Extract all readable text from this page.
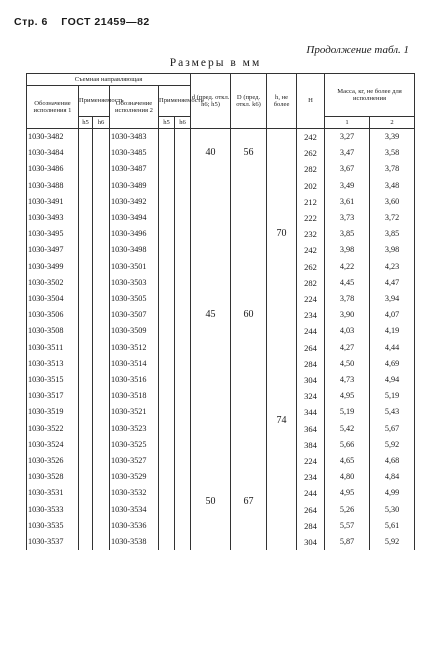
Стр. 6 ГОСТ 21459—82
Продолжение табл. 1
Размеры в мм
Съемная направляющая						d (пред. откл. h6; h5)	D (пред. откл. k6)	h, не более	H	Масса, кг, не более для исполнения	
Обозначение исполнения 1	Применяемость		Обозначение исполнения 2	Применяемость							
	h5	h6		h5	h6					1	2
1030-3482			1030-3483			40	56		242	3,27	3,39
1030-3484			1030-3485						262	3,47	3,58
1030-3486			1030-3487						282	3,67	3,78
1030-3488			1030-3489			45	60	70	202	3,49	3,48
1030-3491			1030-3492						212	3,61	3,60
1030-3493			1030-3494						222	3,73	3,72
1030-3495			1030-3496						232	3,85	3,85
1030-3497			1030-3498						242	3,98	3,98
1030-3499			1030-3501						262	4,22	4,23
1030-3502			1030-3503						282	4,45	4,47
1030-3504			1030-3505					74	224	3,78	3,94
1030-3506			1030-3507						234	3,90	4,07
1030-3508			1030-3509						244	4,03	4,19
1030-3511			1030-3512						264	4,27	4,44
1030-3513			1030-3514						284	4,50	4,69
1030-3515			1030-3516						304	4,73	4,94
1030-3517			1030-3518						324	4,95	5,19
1030-3519			1030-3521						344	5,19	5,43
1030-3522			1030-3523						364	5,42	5,67
1030-3524			1030-3525						384	5,66	5,92
1030-3526			1030-3527			50	67		224	4,65	4,68
1030-3528			1030-3529						234	4,80	4,84
1030-3531			1030-3532						244	4,95	4,99
1030-3533			1030-3534						264	5,26	5,30
1030-3535			1030-3536						284	5,57	5,61
1030-3537			1030-3538						304	5,87	5,92
